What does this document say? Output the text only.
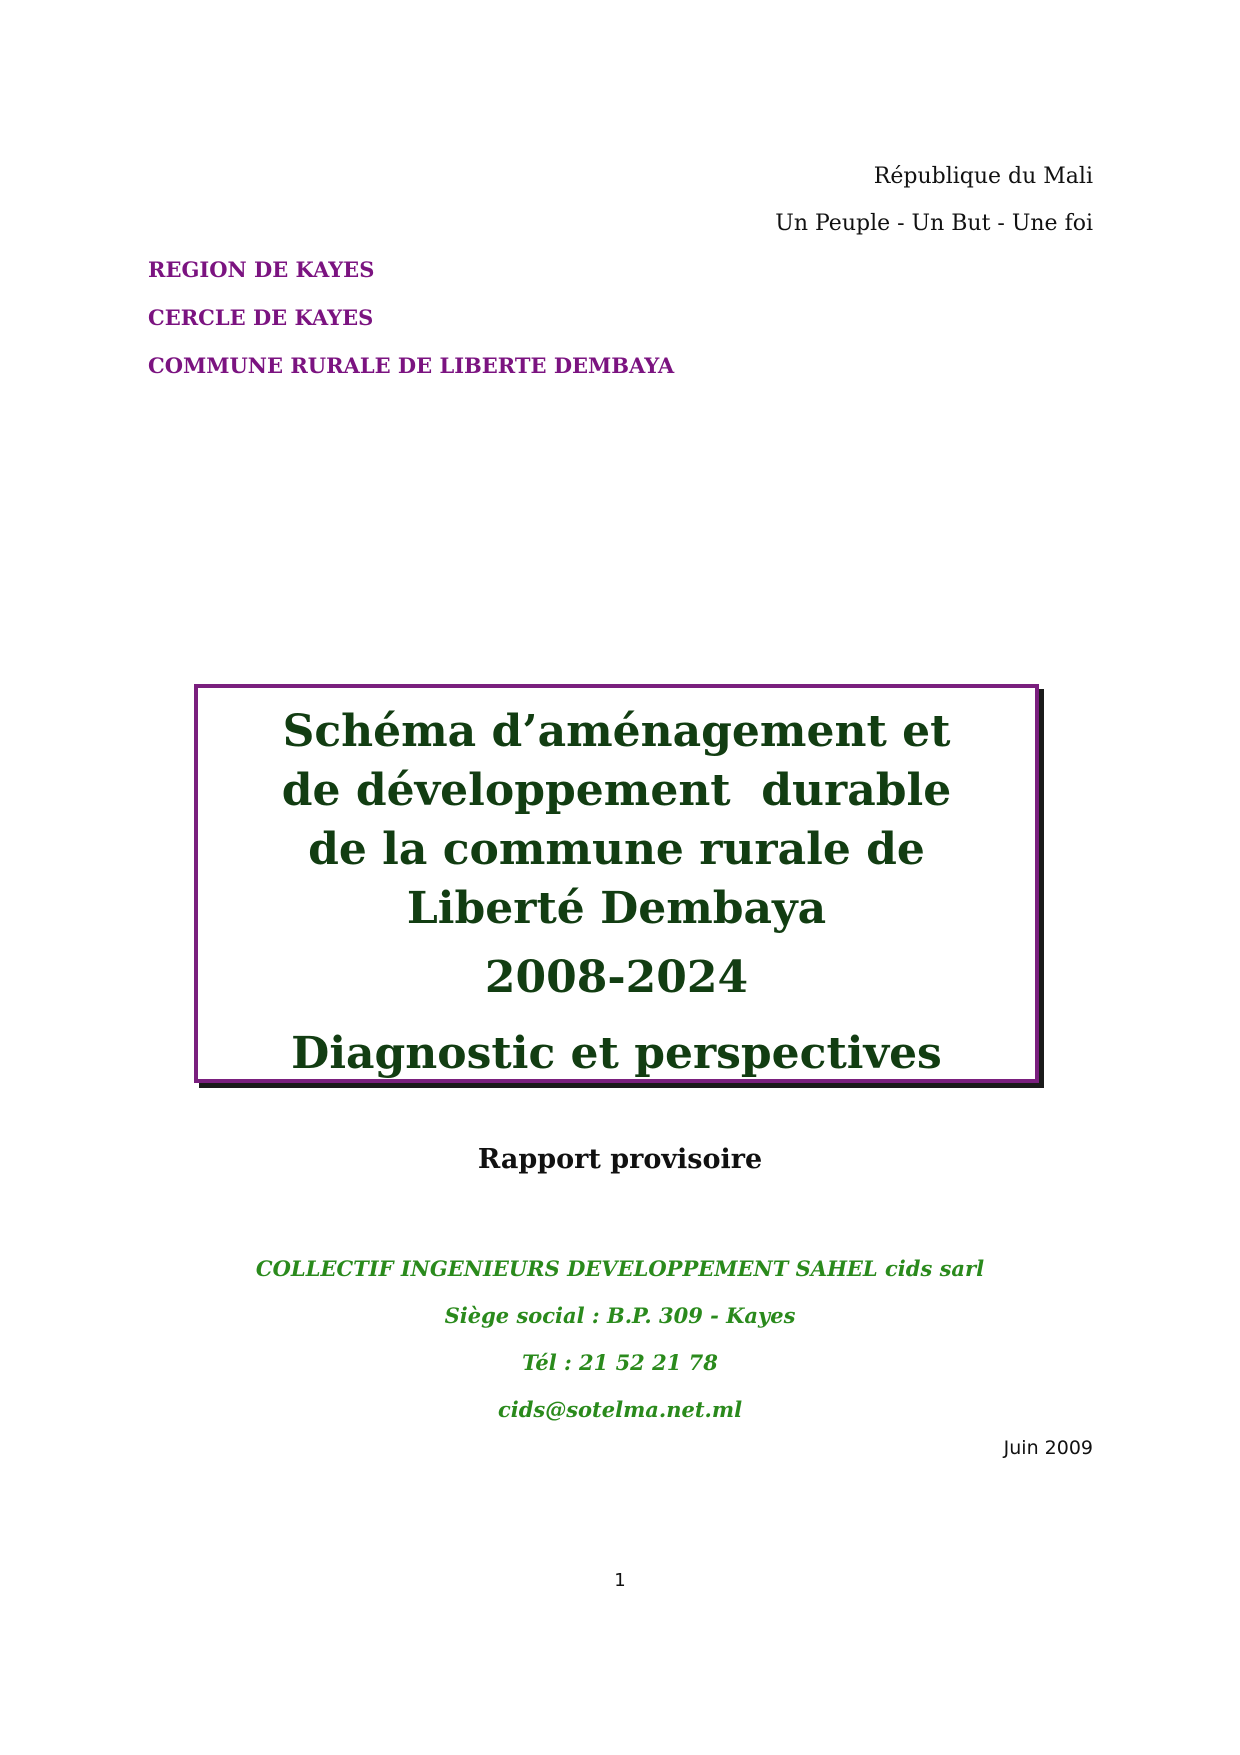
République du Mali
Un Peuple - Un But - Une foi
REGION DE KAYES
CERCLE DE KAYES
COMMUNE RURALE DE LIBERTE DEMBAYA
Schéma d’aménagement et
de développement  durable
de la commune rurale de
Liberté Dembaya
2008-2024
Diagnostic et perspectives
Rapport provisoire
COLLECTIF INGENIEURS DEVELOPPEMENT SAHEL cids sarl
Siège social : B.P. 309 - Kayes
Tél : 21 52 21 78
cids@sotelma.net.ml
Juin 2009
1
